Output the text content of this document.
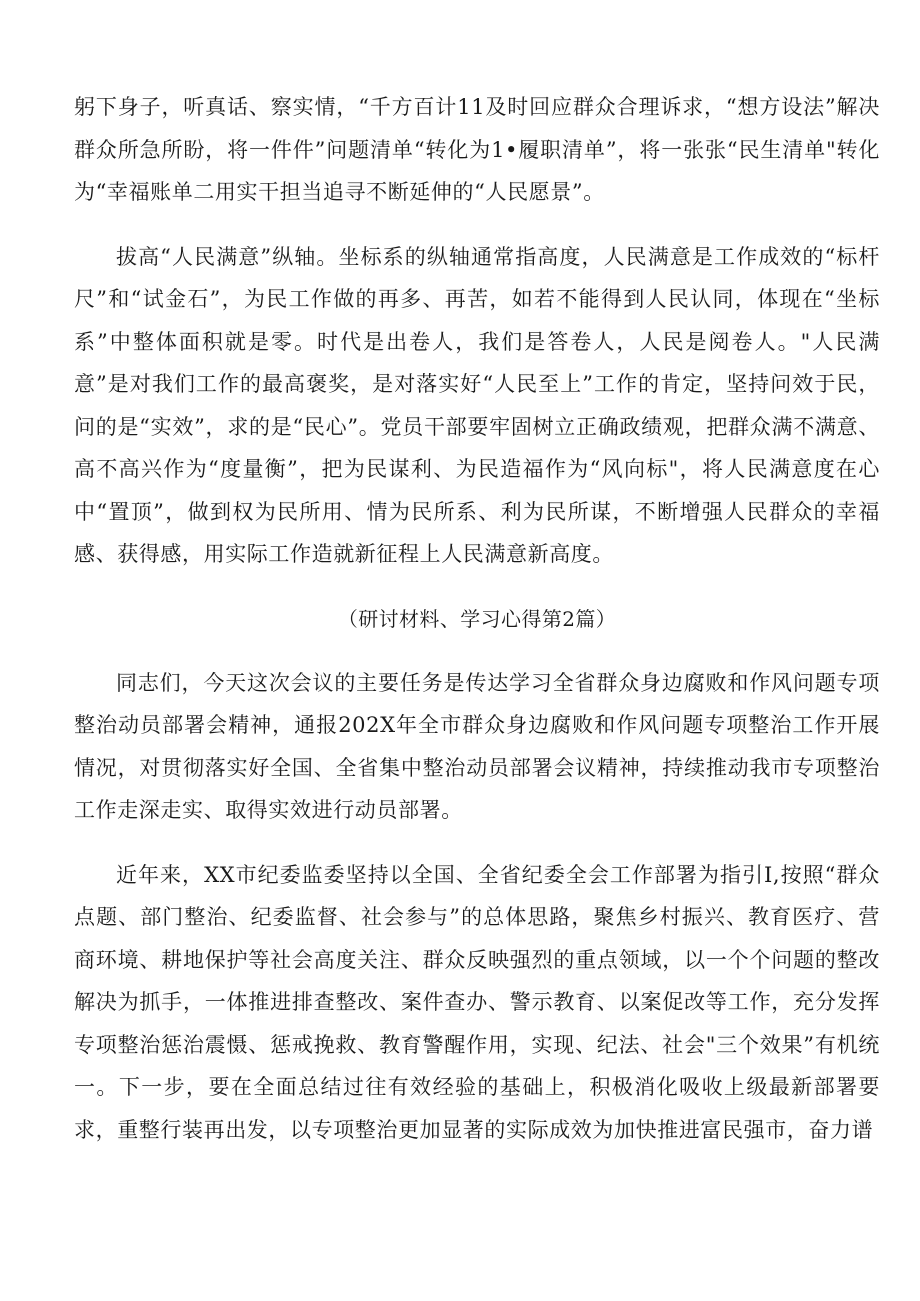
躬下身子，听真话、察实情，“千方百计11及时回应群众合理诉求，“想方设法”解决群众所急所盼，将一件件”问题清单“转化为1•履职清单”，将一张张“民生清单"转化为“幸福账单二用实干担当追寻不断延伸的“人民愿景”。

拔高“人民满意”纵轴。坐标系的纵轴通常指高度，人民满意是工作成效的“标杆尺”和“试金石”，为民工作做的再多、再苦，如若不能得到人民认同，体现在“坐标系”中整体面积就是零。时代是出卷人，我们是答卷人，人民是阅卷人。"人民满意”是对我们工作的最高褒奖，是对落实好“人民至上”工作的肯定，坚持问效于民，问的是“实效”，求的是“民心”。党员干部要牢固树立正确政绩观，把群众满不满意、高不高兴作为“度量衡”，把为民谋利、为民造福作为“风向标"，将人民满意度在心中“置顶”，做到权为民所用、情为民所系、利为民所谋，不断增强人民群众的幸福感、获得感，用实际工作造就新征程上人民满意新高度。

（研讨材料、学习心得第2篇）

同志们，今天这次会议的主要任务是传达学习全省群众身边腐败和作风问题专项整治动员部署会精神，通报202X年全市群众身边腐败和作风问题专项整治工作开展情况，对贯彻落实好全国、全省集中整治动员部署会议精神，持续推动我市专项整治工作走深走实、取得实效进行动员部署。

近年来，XX市纪委监委坚持以全国、全省纪委全会工作部署为指引I,按照“群众点题、部门整治、纪委监督、社会参与”的总体思路，聚焦乡村振兴、教育医疗、营商环境、耕地保护等社会高度关注、群众反映强烈的重点领域，以一个个问题的整改解决为抓手，一体推进排查整改、案件查办、警示教育、以案促改等工作，充分发挥专项整治惩治震慑、惩戒挽救、教育警醒作用，实现、纪法、社会"三个效果”有机统一。下一步，要在全面总结过往有效经验的基础上，积极消化吸收上级最新部署要求，重整行装再出发，以专项整治更加显著的实际成效为加快推进富民强市，奋力谱
